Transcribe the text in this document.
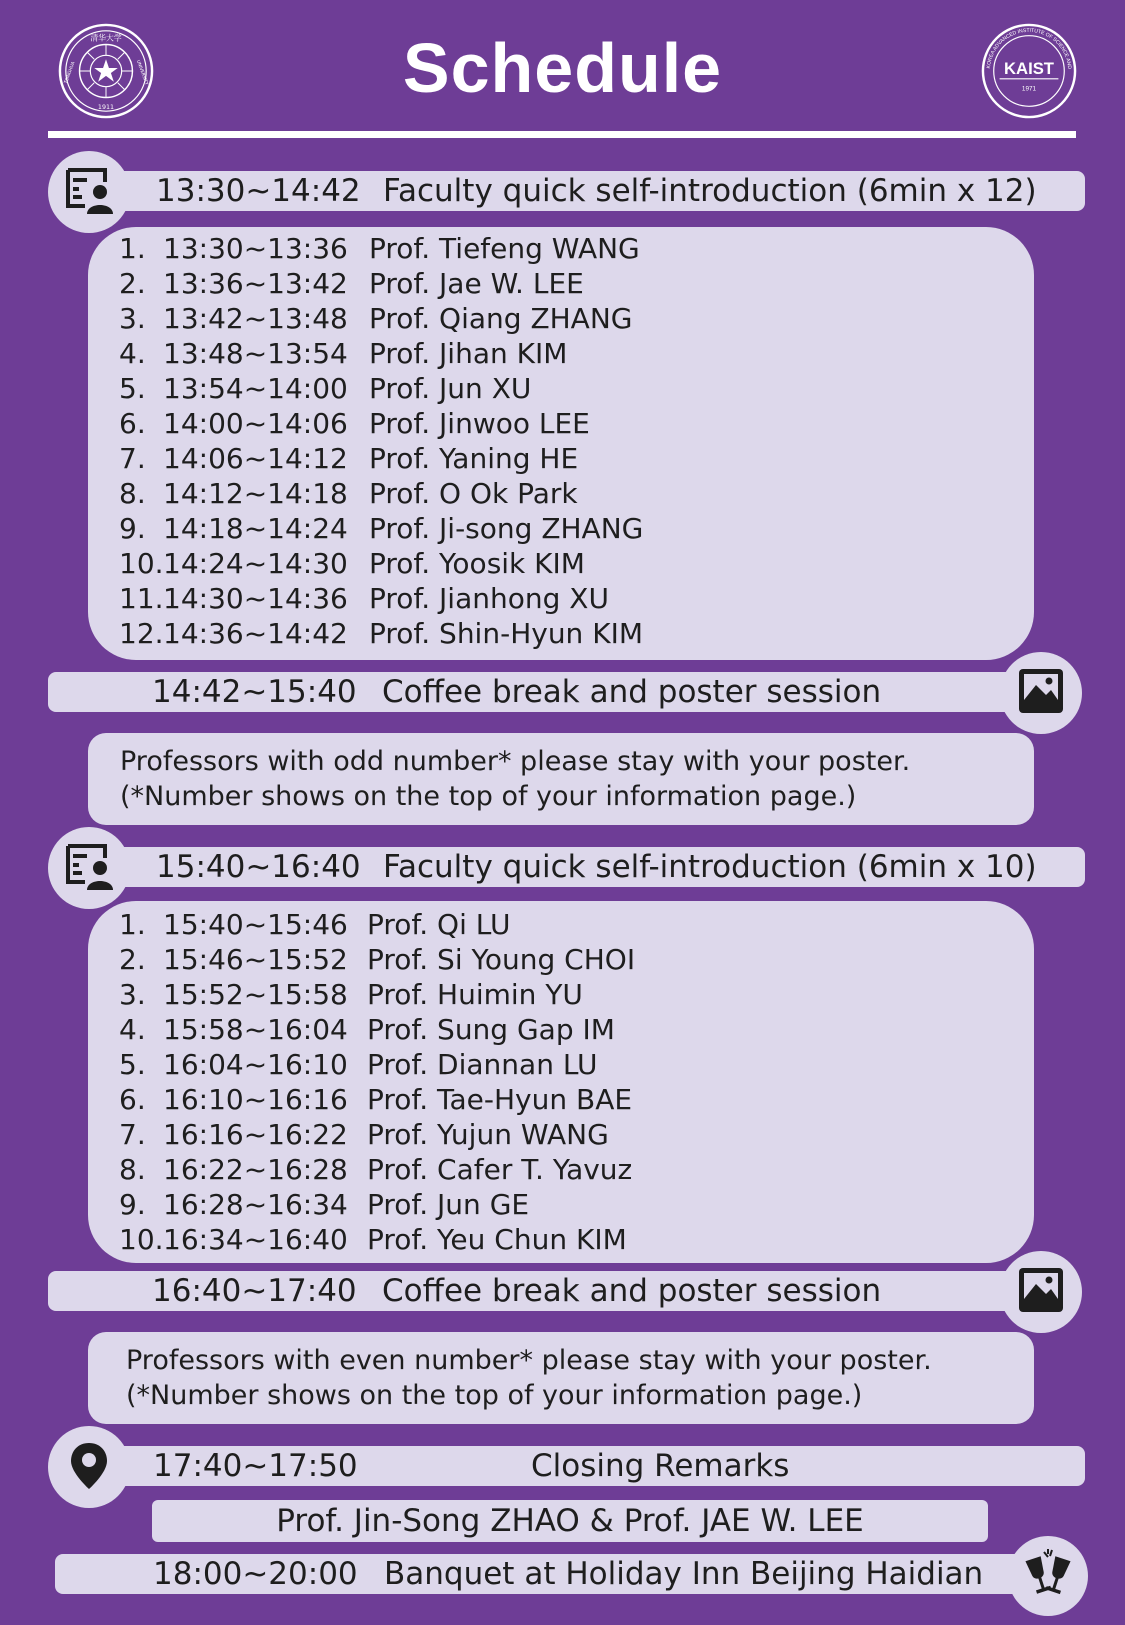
Schedule
清华大学
1911
TSINGHUA	UNIVERSITY	KAIST
1971
KOREA ADVANCED INSTITUTE OF SCIENCE AND
13:30~14:42 Faculty quick self-introduction (6min x 12)
1. 13:30~13:36 Prof. Tiefeng WANG
2. 13:36~13:42 Prof. Jae W. LEE
3. 13:42~13:48 Prof. Qiang ZHANG
4. 13:48~13:54 Prof. Jihan KIM
5. 13:54~14:00 Prof. Jun XU
6. 14:00~14:06 Prof. Jinwoo LEE
7. 14:06~14:12 Prof. Yaning HE
8. 14:12~14:18 Prof. O Ok Park
9. 14:18~14:24 Prof. Ji-song ZHANG
10. 14:24~14:30 Prof. Yoosik KIM
11. 14:30~14:36 Prof. Jianhong XU
12. 14:36~14:42 Prof. Shin-Hyun KIM
14:42~15:40 Coffee break and poster session
Professors with odd number* please stay with your poster.
(*Number shows on the top of your information page.)
15:40~16:40 Faculty quick self-introduction (6min x 10)
1. 15:40~15:46 Prof. Qi LU
2. 15:46~15:52 Prof. Si Young CHOI
3. 15:52~15:58 Prof. Huimin YU
4. 15:58~16:04 Prof. Sung Gap IM
5. 16:04~16:10 Prof. Diannan LU
6. 16:10~16:16 Prof. Tae-Hyun BAE
7. 16:16~16:22 Prof. Yujun WANG
8. 16:22~16:28 Prof. Cafer T. Yavuz
9. 16:28~16:34 Prof. Jun GE
10. 16:34~16:40 Prof. Yeu Chun KIM
16:40~17:40 Coffee break and poster session
Professors with even number* please stay with your poster.
(*Number shows on the top of your information page.)
17:40~17:50	Closing Remarks
Prof. Jin-Song ZHAO & Prof. JAE W. LEE
18:00~20:00 Banquet at Holiday Inn Beijing Haidian
